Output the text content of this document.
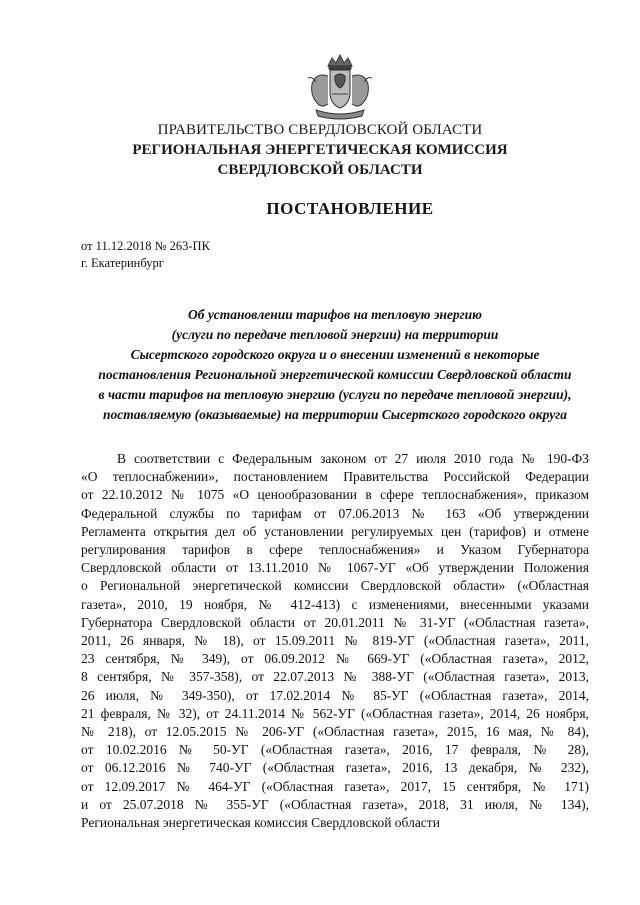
ПРАВИТЕЛЬСТВО СВЕРДЛОВСКОЙ ОБЛАСТИ
РЕГИОНАЛЬНАЯ ЭНЕРГЕТИЧЕСКАЯ КОМИССИЯ
СВЕРДЛОВСКОЙ ОБЛАСТИ
ПОСТАНОВЛЕНИЕ
от 11.12.2018 № 263-ПК
г. Екатеринбург
Об установлении тарифов на тепловую энергию
(услуги по передаче тепловой энергии) на территории
Сысертского городского округа и о внесении изменений в некоторые
постановления Региональной энергетической комиссии Свердловской области
в части тарифов на тепловую энергию (услуги по передаче тепловой энергии),
поставляемую (оказываемые) на территории Сысертского городского округа
В соответствии с Федеральным законом от 27 июля 2010 года № 190-ФЗ
«О теплоснабжении», постановлением Правительства Российской Федерации
от 22.10.2012 № 1075 «О ценообразовании в сфере теплоснабжения», приказом
Федеральной службы по тарифам от 07.06.2013 № 163 «Об утверждении
Регламента открытия дел об установлении регулируемых цен (тарифов) и отмене
регулирования тарифов в сфере теплоснабжения» и Указом Губернатора
Свердловской области от 13.11.2010 № 1067-УГ «Об утверждении Положения
о Региональной энергетической комиссии Свердловской области» («Областная
газета», 2010, 19 ноября, № 412-413) с изменениями, внесенными указами
Губернатора Свердловской области от 20.01.2011 № 31-УГ («Областная газета»,
2011, 26 января, № 18), от 15.09.2011 № 819-УГ («Областная газета», 2011,
23 сентября, № 349), от 06.09.2012 № 669-УГ («Областная газета», 2012,
8 сентября, № 357-358), от 22.07.2013 № 388-УГ («Областная газета», 2013,
26 июля, № 349-350), от 17.02.2014 № 85-УГ («Областная газета», 2014,
21 февраля, № 32), от 24.11.2014 № 562-УГ («Областная газета», 2014, 26 ноября,
№ 218), от 12.05.2015 № 206-УГ («Областная газета», 2015, 16 мая, № 84),
от 10.02.2016 № 50-УГ («Областная газета», 2016, 17 февраля, № 28),
от 06.12.2016 № 740-УГ («Областная газета», 2016, 13 декабря, № 232),
от 12.09.2017 № 464-УГ («Областная газета», 2017, 15 сентября, № 171)
и от 25.07.2018 № 355-УГ («Областная газета», 2018, 31 июля, № 134),
Региональная энергетическая комиссия Свердловской области
